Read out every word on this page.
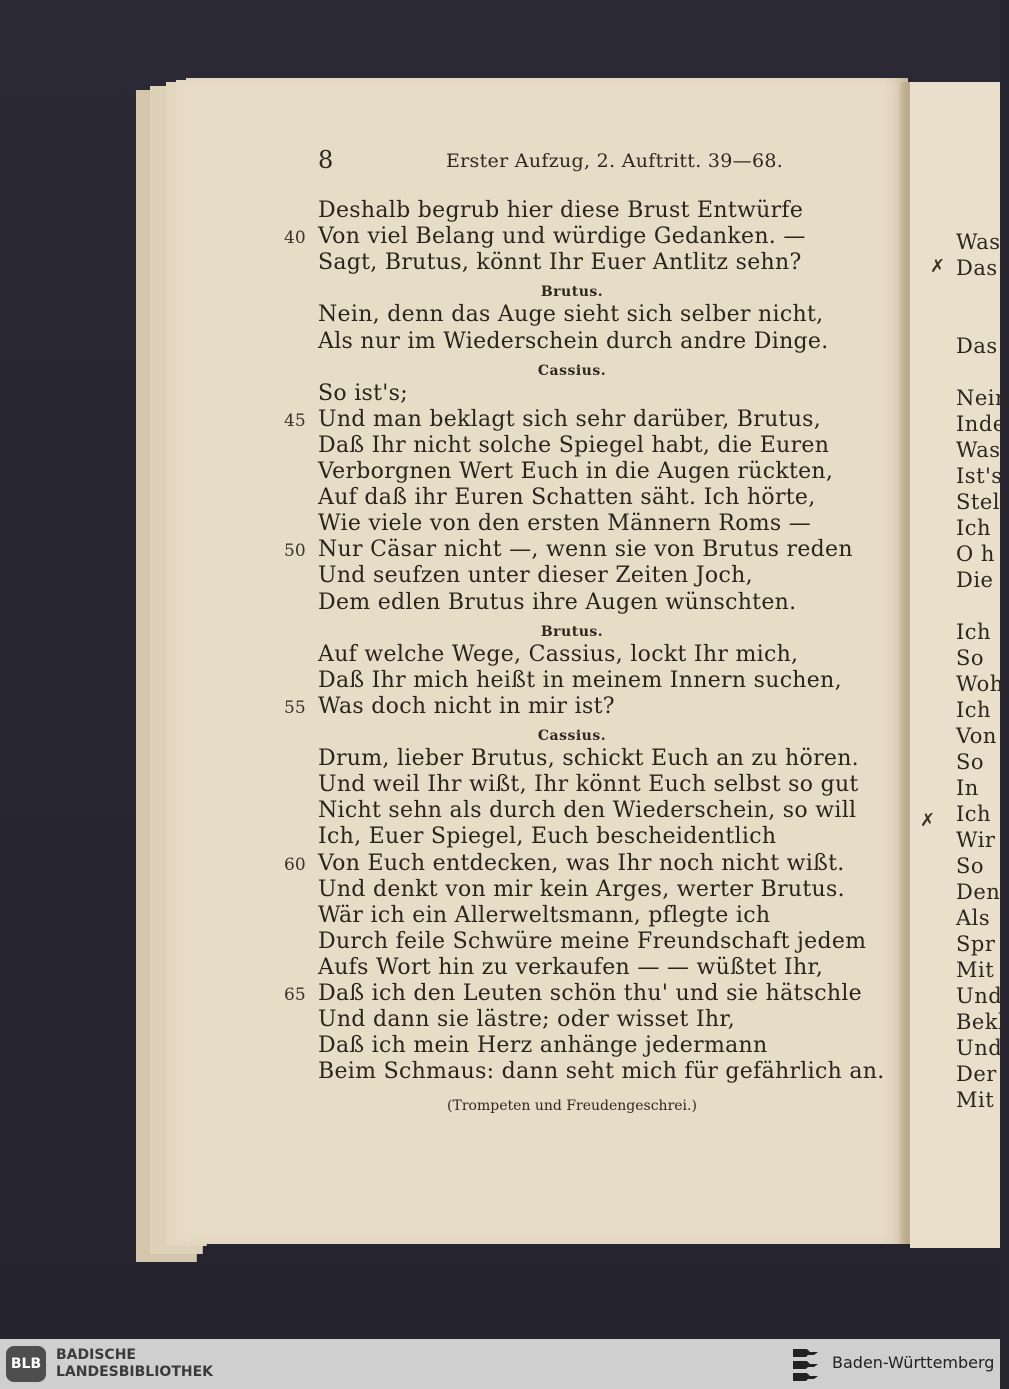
8	Erster Aufzug, 2. Auftritt. 39—68.
Deshalb begrub hier diese Brust Entwürfe
40 Von viel Belang und würdige Gedanken. —
Sagt, Brutus, könnt Ihr Euer Antlitz sehn?
Brutus.
Nein, denn das Auge sieht sich selber nicht,
Als nur im Wiederschein durch andre Dinge.
Cassius.
So ist's;
45 Und man beklagt sich sehr darüber, Brutus,
Daß Ihr nicht solche Spiegel habt, die Euren
Verborgnen Wert Euch in die Augen rückten,
Auf daß ihr Euren Schatten säht. Ich hörte,
Wie viele von den ersten Männern Roms —
50 Nur Cäsar nicht —, wenn sie von Brutus reden
Und seufzen unter dieser Zeiten Joch,
Dem edlen Brutus ihre Augen wünschten.
Brutus.
Auf welche Wege, Cassius, lockt Ihr mich,
Daß Ihr mich heißt in meinem Innern suchen,
55 Was doch nicht in mir ist?
Cassius.
Drum, lieber Brutus, schickt Euch an zu hören.
Und weil Ihr wißt, Ihr könnt Euch selbst so gut
Nicht sehn als durch den Wiederschein, so will
Ich, Euer Spiegel, Euch bescheidentlich
60 Von Euch entdecken, was Ihr noch nicht wißt.
Und denkt von mir kein Arges, werter Brutus.
Wär ich ein Allerweltsmann, pflegte ich
Durch feile Schwüre meine Freundschaft jedem
Aufs Wort hin zu verkaufen — — wüßtet Ihr,
65 Daß ich den Leuten schön thu' und sie hätschle
Und dann sie lästre; oder wisset Ihr,
Daß ich mein Herz anhänge jedermann
Beim Schmaus: dann seht mich für gefährlich an.
(Trompeten und Freudengeschrei.)
Was
Das
Das
Nein
Inde
Was
Ist's
Stell
Ich
O h
Die
Ich
So
Woh
Ich
Von
So
In
Ich
Wir
So
Den
Als
Spr
Mit
Und
Bekl
Und
Der
Mit
✗
✗
BLB
BADISCHE
LANDESBIBLIOTHEK	Baden-Württemberg
